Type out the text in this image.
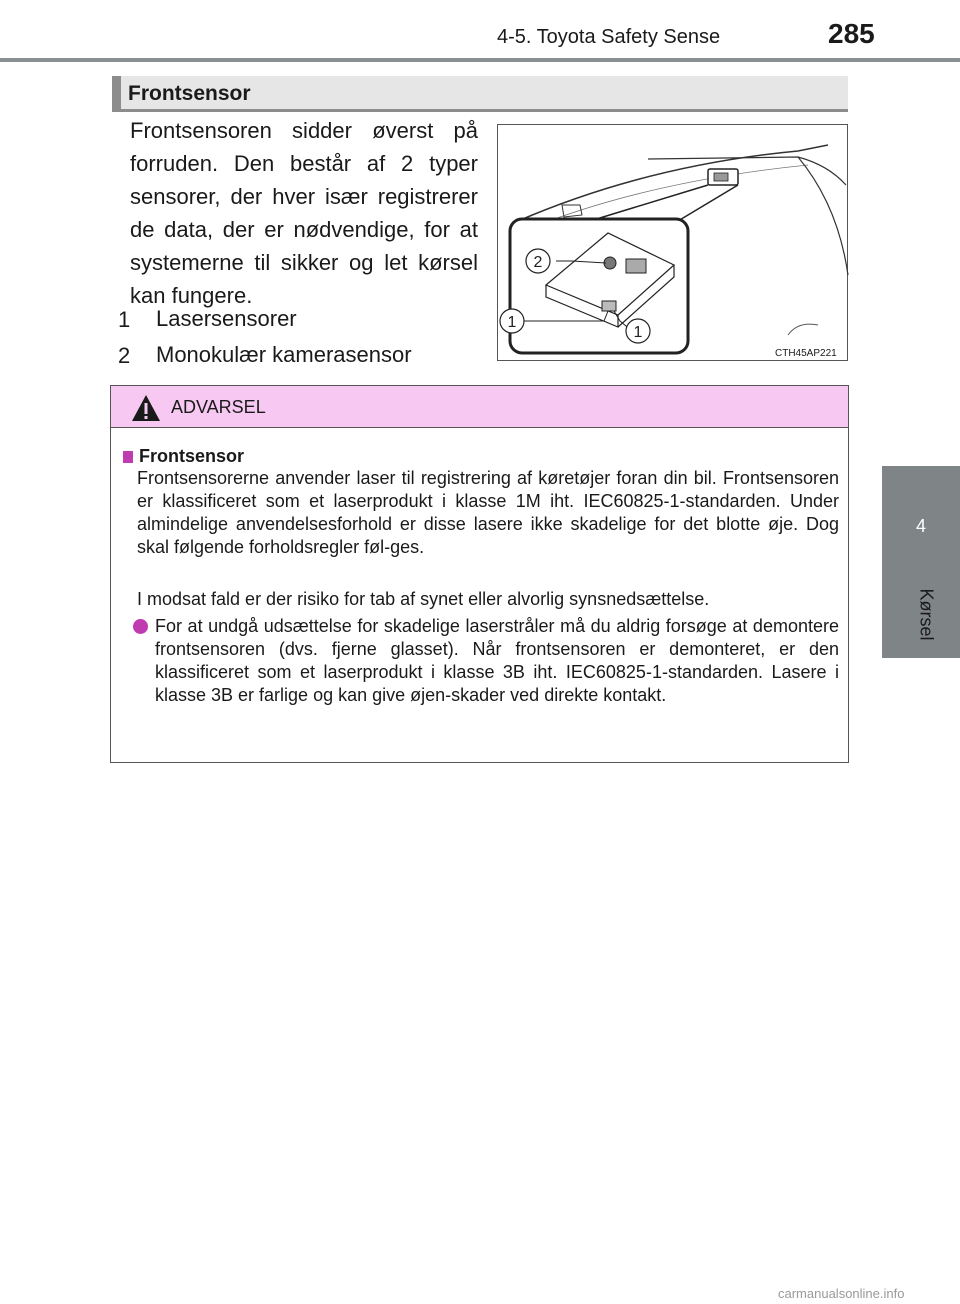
4-5. Toyota Safety Sense	285
4
Kørsel
Frontsensor

Frontsensoren sidder øverst på forruden. Den består af 2 typer sensorer, der hver især registrerer de data, der er nødvendige, for at systemerne til sikker og let kørsel kan fungere.

1 Lasersensorer
2 Monokulær kamerasensor
2
1
1
CTH45AP221
ADVARSEL
Frontsensor

Frontsensorerne anvender laser til registrering af køretøjer foran din bil. Frontsensoren er klassificeret som et laserprodukt i klasse 1M iht. IEC60825-1-standarden. Under almindelige anvendelsesforhold er disse lasere ikke skadelige for det blotte øje. Dog skal følgende forholdsregler føl-ges.

I modsat fald er der risiko for tab af synet eller alvorlig synsnedsættelse.

For at undgå udsættelse for skadelige laserstråler må du aldrig forsøge at demontere frontsensoren (dvs. fjerne glasset). Når frontsensoren er demonteret, er den klassificeret som et laserprodukt i klasse 3B iht. IEC60825-1-standarden. Lasere i klasse 3B er farlige og kan give øjen-skader ved direkte kontakt.

carmanualsonline.info
